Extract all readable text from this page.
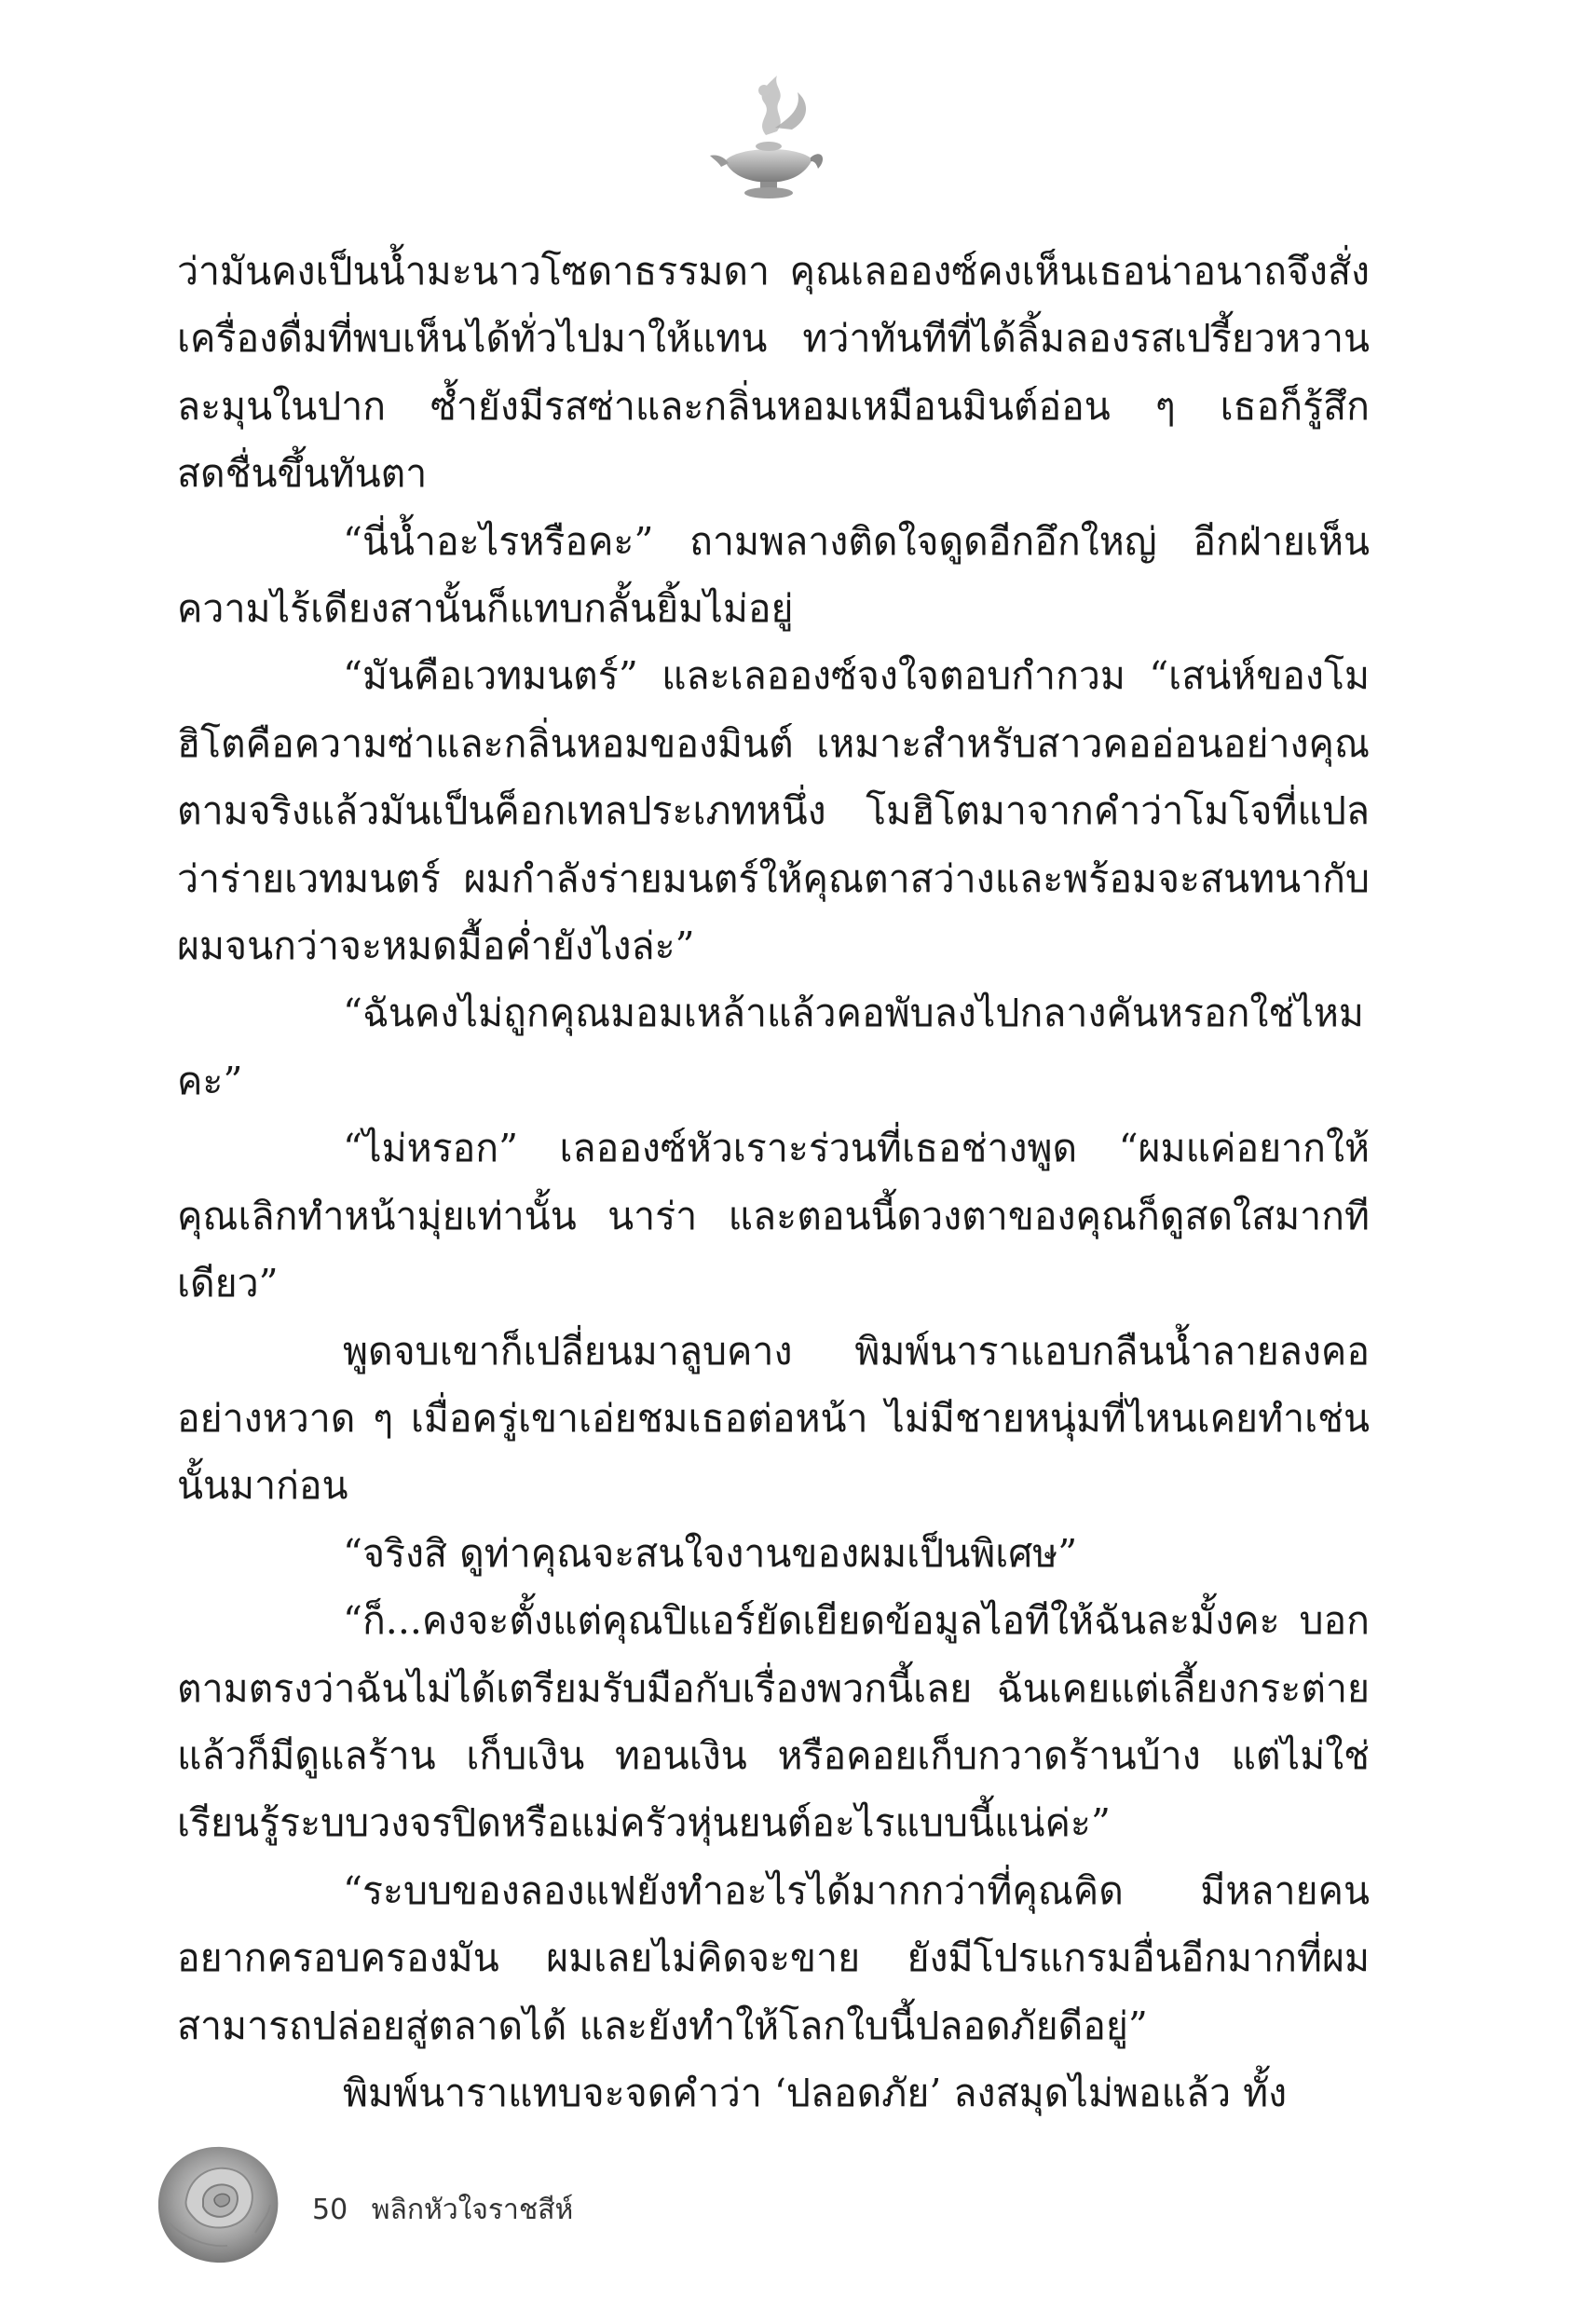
ว่ามันคงเป็นน้ำมะนาวโซดาธรรมดา คุณเลอองซ์คงเห็นเธอน่าอนาถจึงสั่งเครื่องดื่มที่พบเห็นได้ทั่วไปมาให้แทน ทว่าทันทีที่ได้ลิ้มลองรสเปรี้ยวหวานละมุนในปาก ซ้ำยังมีรสซ่าและกลิ่นหอมเหมือนมินต์อ่อน ๆ เธอก็รู้สึกสดชื่นขึ้นทันตา

“นี่น้ำอะไรหรือคะ” ถามพลางติดใจดูดอีกอึกใหญ่ อีกฝ่ายเห็นความไร้เดียงสานั้นก็แทบกลั้นยิ้มไม่อยู่

“มันคือเวทมนตร์” และเลอองซ์จงใจตอบกำกวม “เสน่ห์ของโมฮิโตคือความซ่าและกลิ่นหอมของมินต์ เหมาะสำหรับสาวคออ่อนอย่างคุณ ตามจริงแล้วมันเป็นค็อกเทลประเภทหนึ่ง โมฮิโตมาจากคำว่าโมโจที่แปลว่าร่ายเวทมนตร์ ผมกำลังร่ายมนตร์ให้คุณตาสว่างและพร้อมจะสนทนากับผมจนกว่าจะหมดมื้อค่ำยังไงล่ะ”

“ฉันคงไม่ถูกคุณมอมเหล้าแล้วคอพับลงไปกลางคันหรอกใช่ไหมคะ”

“ไม่หรอก” เลอองซ์หัวเราะร่วนที่เธอช่างพูด “ผมแค่อยากให้คุณเลิกทำหน้ามุ่ยเท่านั้น นาร่า และตอนนี้ดวงตาของคุณก็ดูสดใสมากทีเดียว”

พูดจบเขาก็เปลี่ยนมาลูบคาง พิมพ์นาราแอบกลืนน้ำลายลงคออย่างหวาด ๆ เมื่อครู่เขาเอ่ยชมเธอต่อหน้า ไม่มีชายหนุ่มที่ไหนเคยทำเช่นนั้นมาก่อน

“จริงสิ ดูท่าคุณจะสนใจงานของผมเป็นพิเศษ”

“ก็...คงจะตั้งแต่คุณปิแอร์ยัดเยียดข้อมูลไอทีให้ฉันละมั้งคะ บอกตามตรงว่าฉันไม่ได้เตรียมรับมือกับเรื่องพวกนี้เลย ฉันเคยแต่เลี้ยงกระต่าย แล้วก็มีดูแลร้าน เก็บเงิน ทอนเงิน หรือคอยเก็บกวาดร้านบ้าง แต่ไม่ใช่เรียนรู้ระบบวงจรปิดหรือแม่ครัวหุ่นยนต์อะไรแบบนี้แน่ค่ะ”

“ระบบของลองแฟยังทำอะไรได้มากกว่าที่คุณคิด มีหลายคนอยากครอบครองมัน ผมเลยไม่คิดจะขาย ยังมีโปรแกรมอื่นอีกมากที่ผมสามารถปล่อยสู่ตลาดได้ และยังทำให้โลกใบนี้ปลอดภัยดีอยู่”

พิมพ์นาราแทบจะจดคำว่า ‘ปลอดภัย’ ลงสมุดไม่พอแล้ว ทั้ง

50 พลิกหัวใจราชสีห์
